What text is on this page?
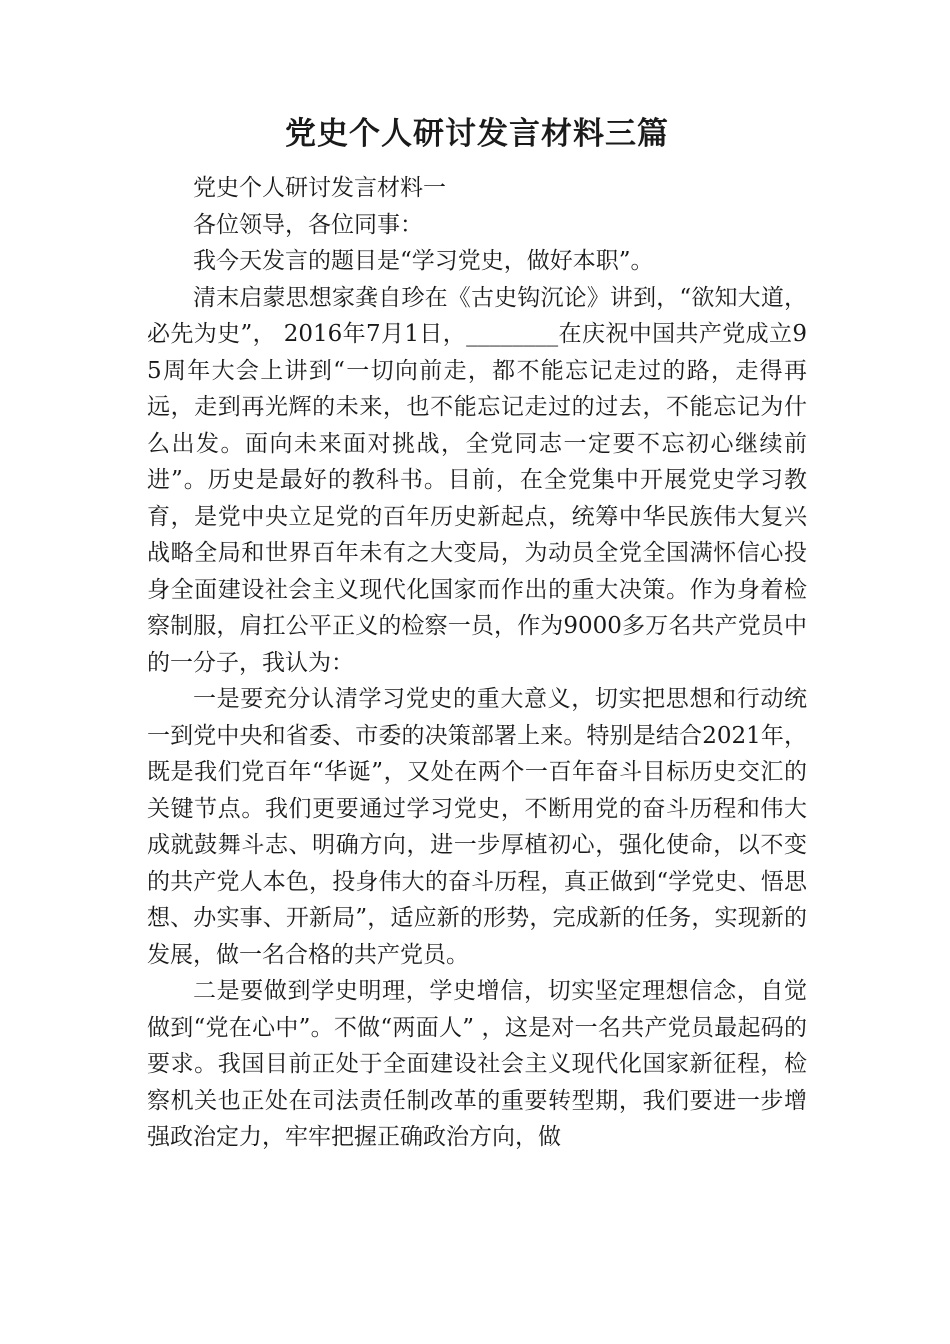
党史个人研讨发言材料三篇

党史个人研讨发言材料一

各位领导，各位同事：

我今天发言的题目是“学习党史，做好本职”。

清末启蒙思想家龚自珍在《古史钩沉论》讲到，“欲知大道，必先为史”， 2016年7月1日，________在庆祝中国共产党成立95周年大会上讲到“一切向前走，都不能忘记走过的路，走得再远，走到再光辉的未来，也不能忘记走过的过去，不能忘记为什么出发。面向未来面对挑战，全党同志一定要不忘初心继续前进”。历史是最好的教科书。目前，在全党集中开展党史学习教育，是党中央立足党的百年历史新起点，统筹中华民族伟大复兴战略全局和世界百年未有之大变局，为动员全党全国满怀信心投身全面建设社会主义现代化国家而作出的重大决策。作为身着检察制服，肩扛公平正义的检察一员，作为9000多万名共产党员中的一分子，我认为：

一是要充分认清学习党史的重大意义，切实把思想和行动统一到党中央和省委、市委的决策部署上来。特别是结合2021年，既是我们党百年“华诞”，又处在两个一百年奋斗目标历史交汇的关键节点。我们更要通过学习党史，不断用党的奋斗历程和伟大成就鼓舞斗志、明确方向，进一步厚植初心，强化使命，以不变的共产党人本色，投身伟大的奋斗历程，真正做到“学党史、悟思想、办实事、开新局”，适应新的形势，完成新的任务，实现新的发展，做一名合格的共产党员。

二是要做到学史明理，学史增信，切实坚定理想信念，自觉做到“党在心中”。不做“两面人” ，这是对一名共产党员最起码的要求。我国目前正处于全面建设社会主义现代化国家新征程，检察机关也正处在司法责任制改革的重要转型期，我们要进一步增强政治定力，牢牢把握正确政治方向，做
